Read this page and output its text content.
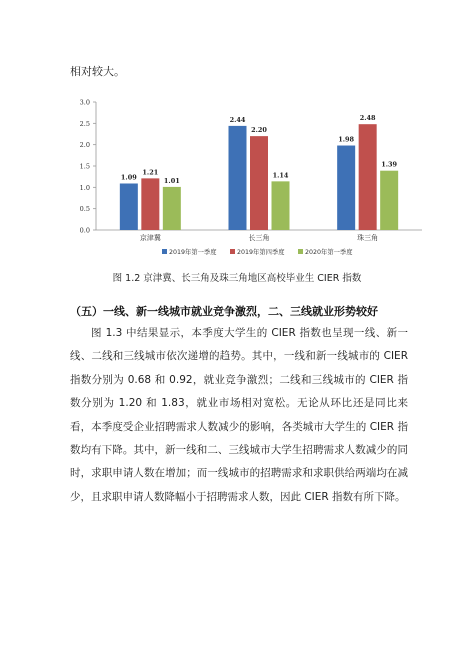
相对较大。
0.0
0.5
1.0
1.5
2.0
2.5
3.0
1.09
1.21
1.01
京津冀
2.44
2.20
1.14
长三角
1.98
2.48
1.39
珠三角
2019年第一季度	2019年第四季度	2020年第一季度
图 1.2 京津冀、长三角及珠三角地区高校毕业生 CIER 指数
（五）一线、新一线城市就业竞争激烈，二、三线就业形势较好
图 1.3 中结果显示，本季度大学生的 CIER 指数也呈现一线、新一线、二线和三线城市依次递增的趋势。其中，一线和新一线城市的 CIER 指数分别为 0.68 和 0.92，就业竞争激烈；二线和三线城市的 CIER 指数分别为 1.20 和 1.83，就业市场相对宽松。无论从环比还是同比来看，本季度受企业招聘需求人数减少的影响，各类城市大学生的 CIER 指数均有下降。其中，新一线和二、三线城市大学生招聘需求人数减少的同时，求职申请人数在增加；而一线城市的招聘需求和求职供给两端均在减少，且求职申请人数降幅小于招聘需求人数，因此 CIER 指数有所下降。
